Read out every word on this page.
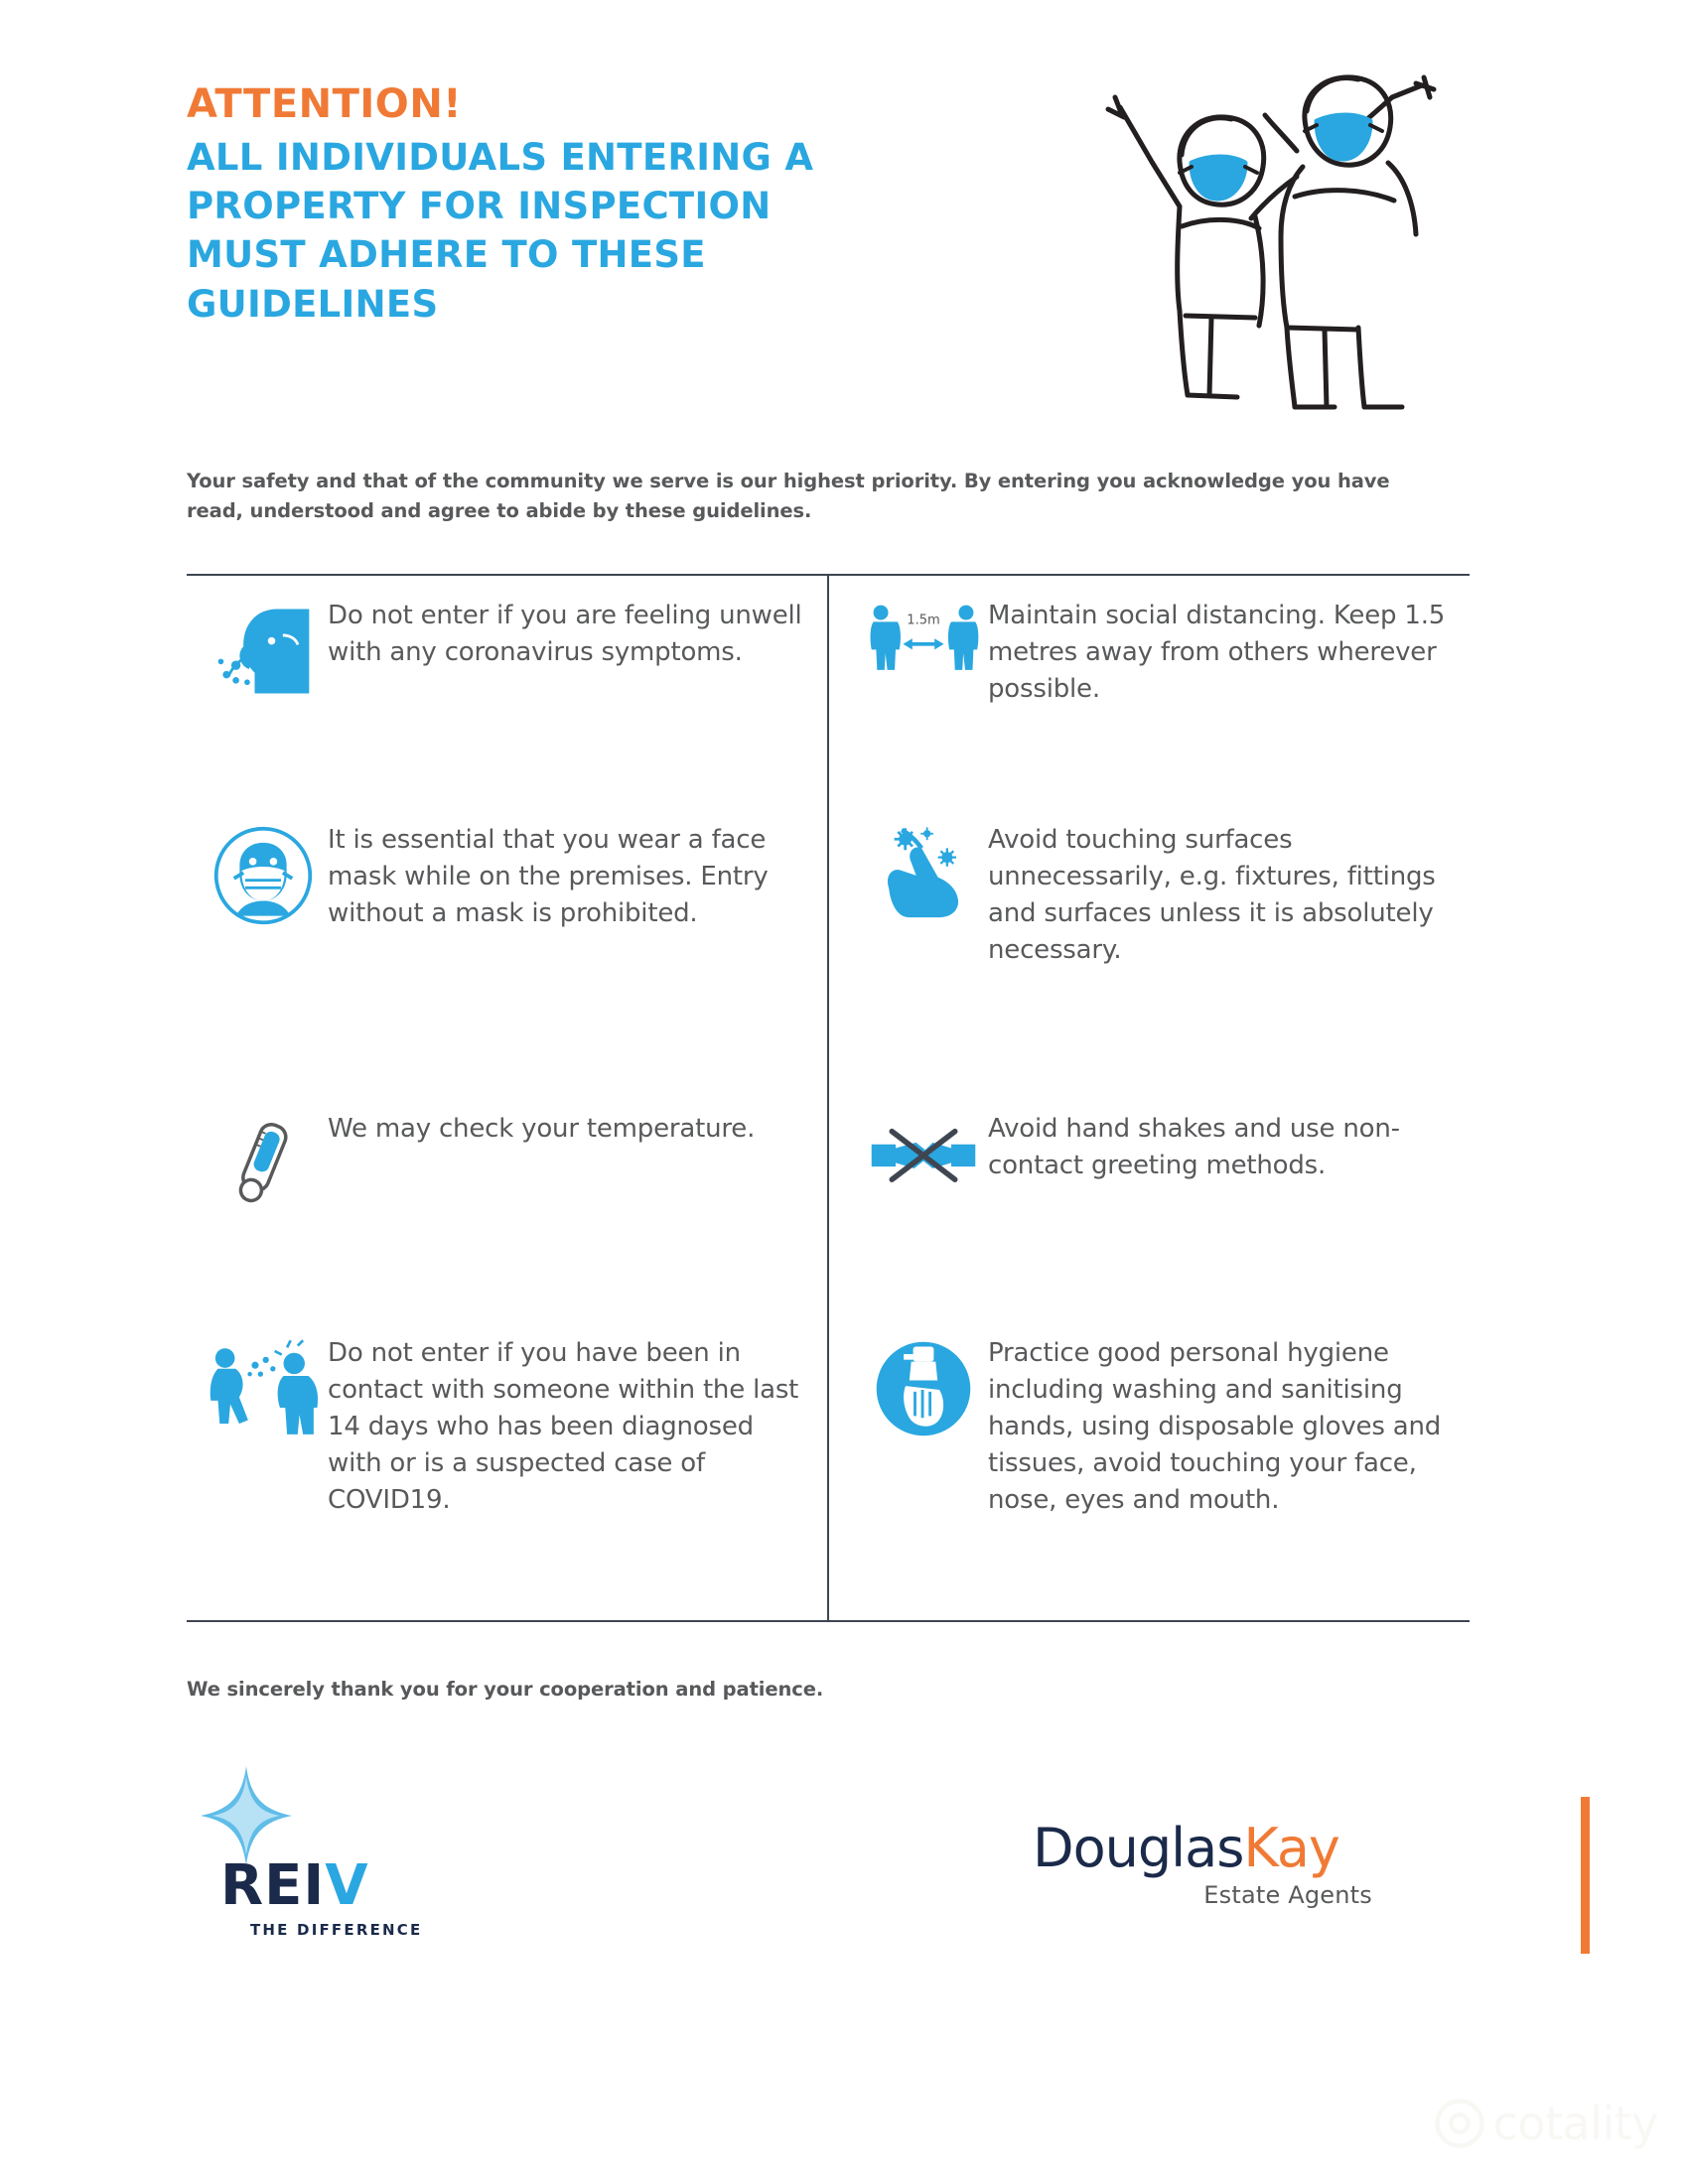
ATTENTION!

ALL INDIVIDUALS ENTERING A PROPERTY FOR INSPECTION MUST ADHERE TO THESE GUIDELINES

Your safety and that of the community we serve is our highest priority. By entering you acknowledge you have read, understood and agree to abide by these guidelines.
Do not enter if you are feeling unwell with any coronavirus symptoms.
It is essential that you wear a face mask while on the premises. Entry without a mask is prohibited.
We may check your temperature.
Do not enter if you have been in contact with someone within the last 14 days who has been diagnosed with or is a suspected case of COVID19.
1.5m Maintain social distancing. Keep 1.5 metres away from others wherever possible.
Avoid touching surfaces unnecessarily, e.g. fixtures, fittings and surfaces unless it is absolutely necessary.
Avoid hand shakes and use non-contact greeting methods.
Practice good personal hygiene including washing and sanitising hands, using disposable gloves and tissues, avoid touching your face, nose, eyes and mouth.
We sincerely thank you for your cooperation and patience.
REIV
THE DIFFERENCE
DouglasKay
Estate Agents
cotality
